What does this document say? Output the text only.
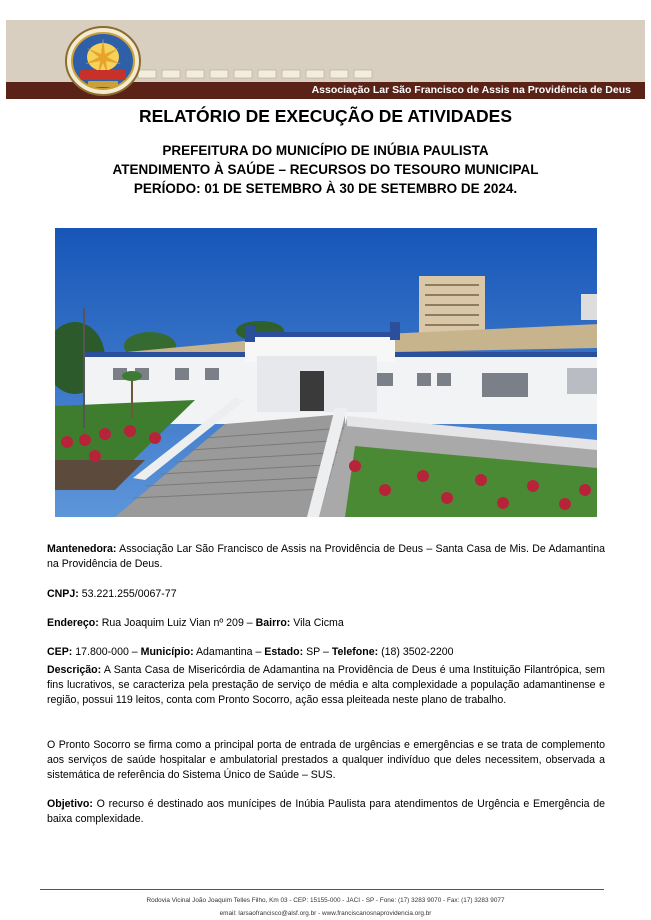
Associação Lar São Francisco de Assis na Providência de Deus
RELATÓRIO DE EXECUÇÃO DE ATIVIDADES
PREFEITURA DO MUNICÍPIO DE INÚBIA PAULISTA
ATENDIMENTO À SAÚDE – RECURSOS DO TESOURO MUNICIPAL
PERÍODO: 01 DE SETEMBRO À 30 DE SETEMBRO DE 2024.
Mantenedora: Associação Lar São Francisco de Assis na Providência de Deus – Santa Casa de Mis. De Adamantina na Providência de Deus.
CNPJ: 53.221.255/0067-77
Endereço: Rua Joaquim Luiz Vian nº 209 – Bairro: Vila Cicma
CEP: 17.800-000 – Município: Adamantina – Estado: SP – Telefone: (18) 3502-2200
Descrição: A Santa Casa de Misericórdia de Adamantina na Providência de Deus é uma Instituição Filantrópica, sem fins lucrativos, se caracteriza pela prestação de serviço de média e alta complexidade a população adamantinense e região, possui 119 leitos, conta com Pronto Socorro, ação essa pleiteada neste plano de trabalho.
O Pronto Socorro se firma como a principal porta de entrada de urgências e emergências e se trata de complemento aos serviços de saúde hospitalar e ambulatorial prestados a qualquer indivíduo que deles necessitem, observada a sistemática de referência do Sistema Único de Saúde – SUS.
Objetivo: O recurso é destinado aos munícipes de Inúbia Paulista para atendimentos de Urgência e Emergência de baixa complexidade.
Rodovia Vicinal João Joaquim Telles Filho, Km 03 - CEP: 15155-000 - JACI - SP - Fone: (17) 3283 9070 - Fax: (17) 3283 9077
email: larsaofrancisco@alsf.org.br - www.franciscanosnaprovidencia.org.br
